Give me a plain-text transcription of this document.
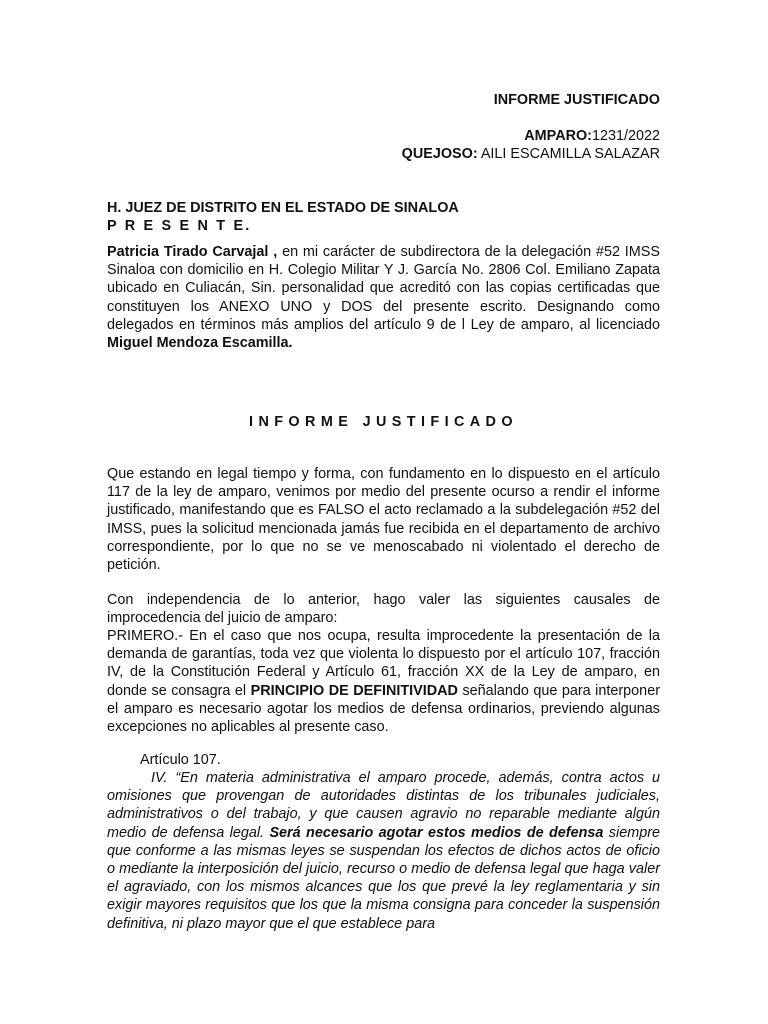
INFORME JUSTIFICADO
AMPARO:1231/2022
QUEJOSO: AILI ESCAMILLA SALAZAR
H. JUEZ DE DISTRITO EN EL ESTADO DE SINALOA
P R E S E N T E.

Patricia Tirado Carvajal , en mi carácter de subdirectora de la delegación #52 IMSS Sinaloa con domicilio en H. Colegio Militar Y J. García No. 2806 Col. Emiliano Zapata ubicado en Culiacán, Sin. personalidad que acreditó con las copias certificadas que constituyen los ANEXO UNO y DOS del presente escrito. Designando como delegados en términos más amplios del artículo 9 de l Ley de amparo, al licenciado Miguel Mendoza Escamilla.

INFORME JUSTIFICADO

Que estando en legal tiempo y forma, con fundamento en lo dispuesto en el artículo 117 de la ley de amparo, venimos por medio del presente ocurso a rendir el informe justificado, manifestando que es FALSO el acto reclamado a la subdelegación #52 del IMSS, pues la solicitud mencionada jamás fue recibida en el departamento de archivo correspondiente, por lo que no se ve menoscabado ni violentado el derecho de petición.

Con independencia de lo anterior, hago valer las siguientes causales de improcedencia del juicio de amparo:

PRIMERO.- En el caso que nos ocupa, resulta improcedente la presentación de la demanda de garantías, toda vez que violenta lo dispuesto por el artículo 107, fracción IV, de la Constitución Federal y Artículo 61, fracción XX de la Ley de amparo, en donde se consagra el PRINCIPIO DE DEFINITIVIDAD señalando que para interponer el amparo es necesario agotar los medios de defensa ordinarios, previendo algunas excepciones no aplicables al presente caso.

Artículo 107.

IV. “En materia administrativa el amparo procede, además, contra actos u omisiones que provengan de autoridades distintas de los tribunales judiciales, administrativos o del trabajo, y que causen agravio no reparable mediante algún medio de defensa legal. Será necesario agotar estos medios de defensa siempre que conforme a las mismas leyes se suspendan los efectos de dichos actos de oficio o mediante la interposición del juicio, recurso o medio de defensa legal que haga valer el agraviado, con los mismos alcances que los que prevé la ley reglamentaria y sin exigir mayores requisitos que los que la misma consigna para conceder la suspensión definitiva, ni plazo mayor que el que establece para
